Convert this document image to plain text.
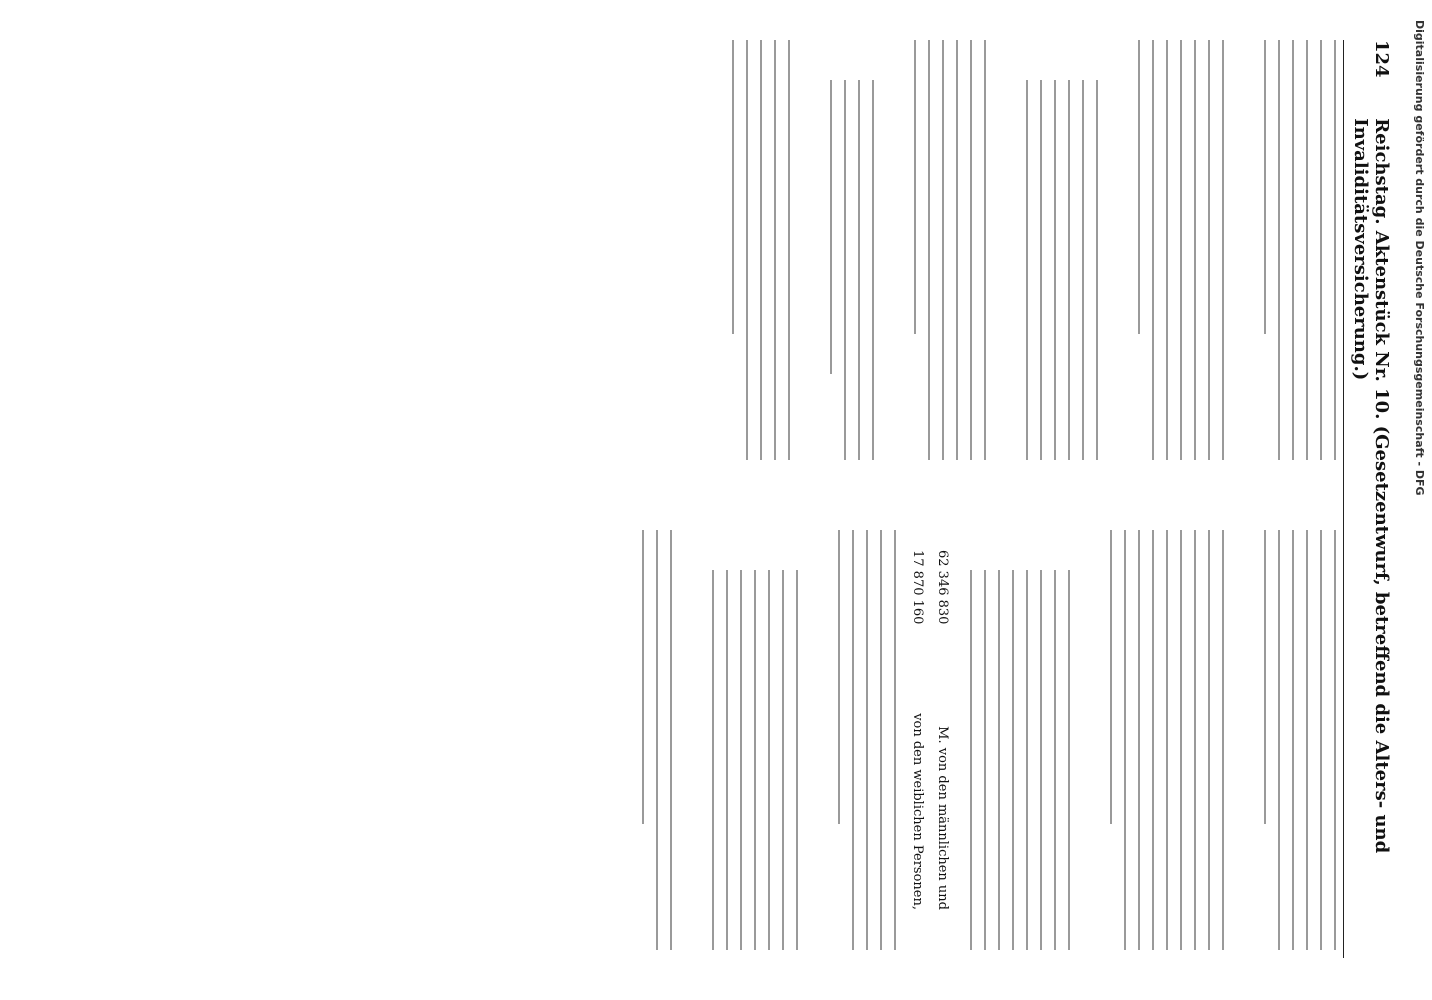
124
Reichstag. Aktenstück Nr. 10. (Gesetzentwurf, betreffend die Alters- und Invaliditätsversicherung.)
62 346 830
M. von den männlichen und
17 870 160
von den weiblichen Personen,
Digitalisierung gefördert durch die Deutsche Forschungsgemeinschaft - DFG
